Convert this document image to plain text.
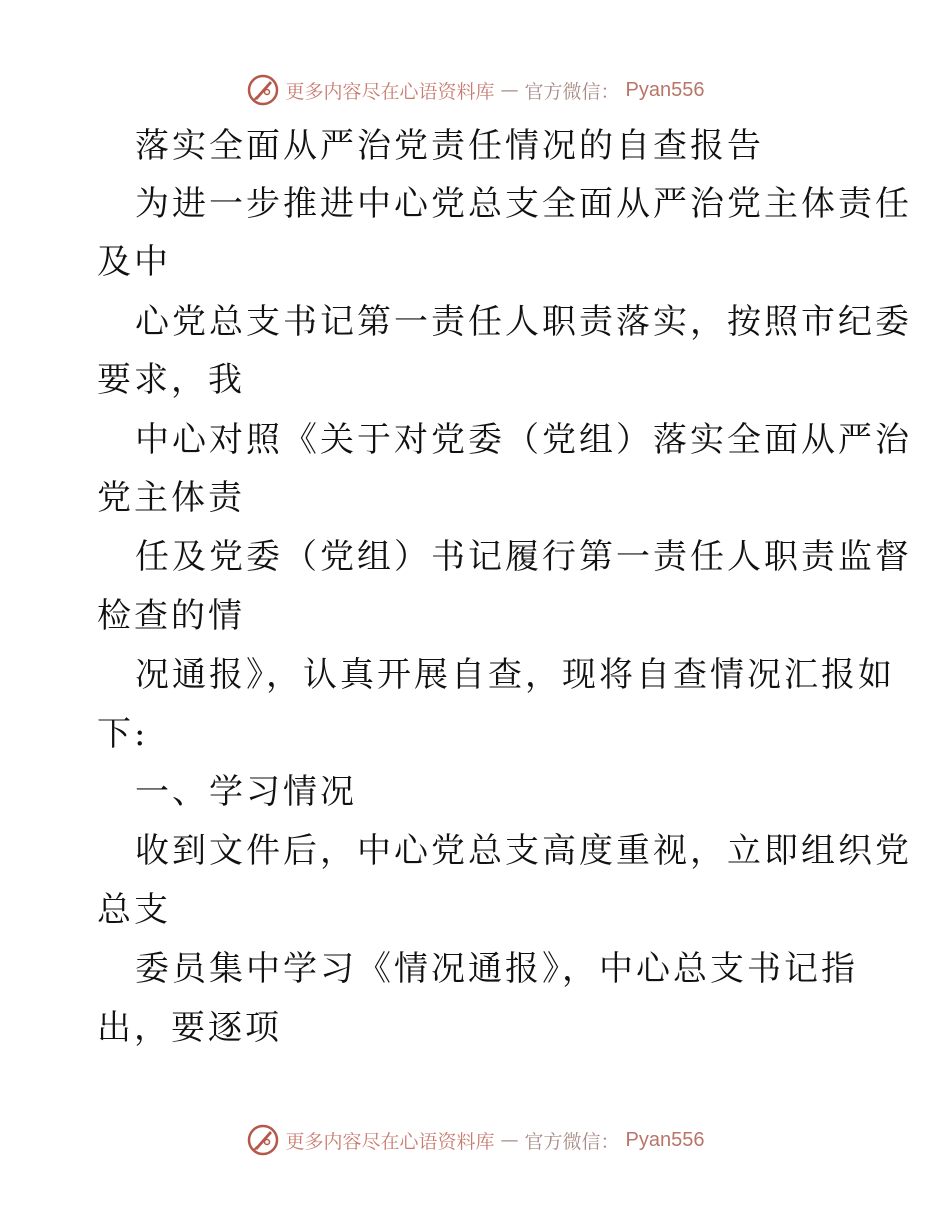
更多内容尽在心语资料库 — 官方微信： Pyan556
落实全面从严治党责任情况的自查报告
为进一步推进中心党总支全面从严治党主体责任
及中
心党总支书记第一责任人职责落实，按照市纪委
要求，我
中心对照《关于对党委（党组）落实全面从严治
党主体责
任及党委（党组）书记履行第一责任人职责监督
检查的情
况通报》，认真开展自查，现将自查情况汇报如
下:
一、学习情况
收到文件后，中心党总支高度重视，立即组织党
总支
委员集中学习《情况通报》，中心总支书记指
出，要逐项
更多内容尽在心语资料库 — 官方微信： Pyan556
